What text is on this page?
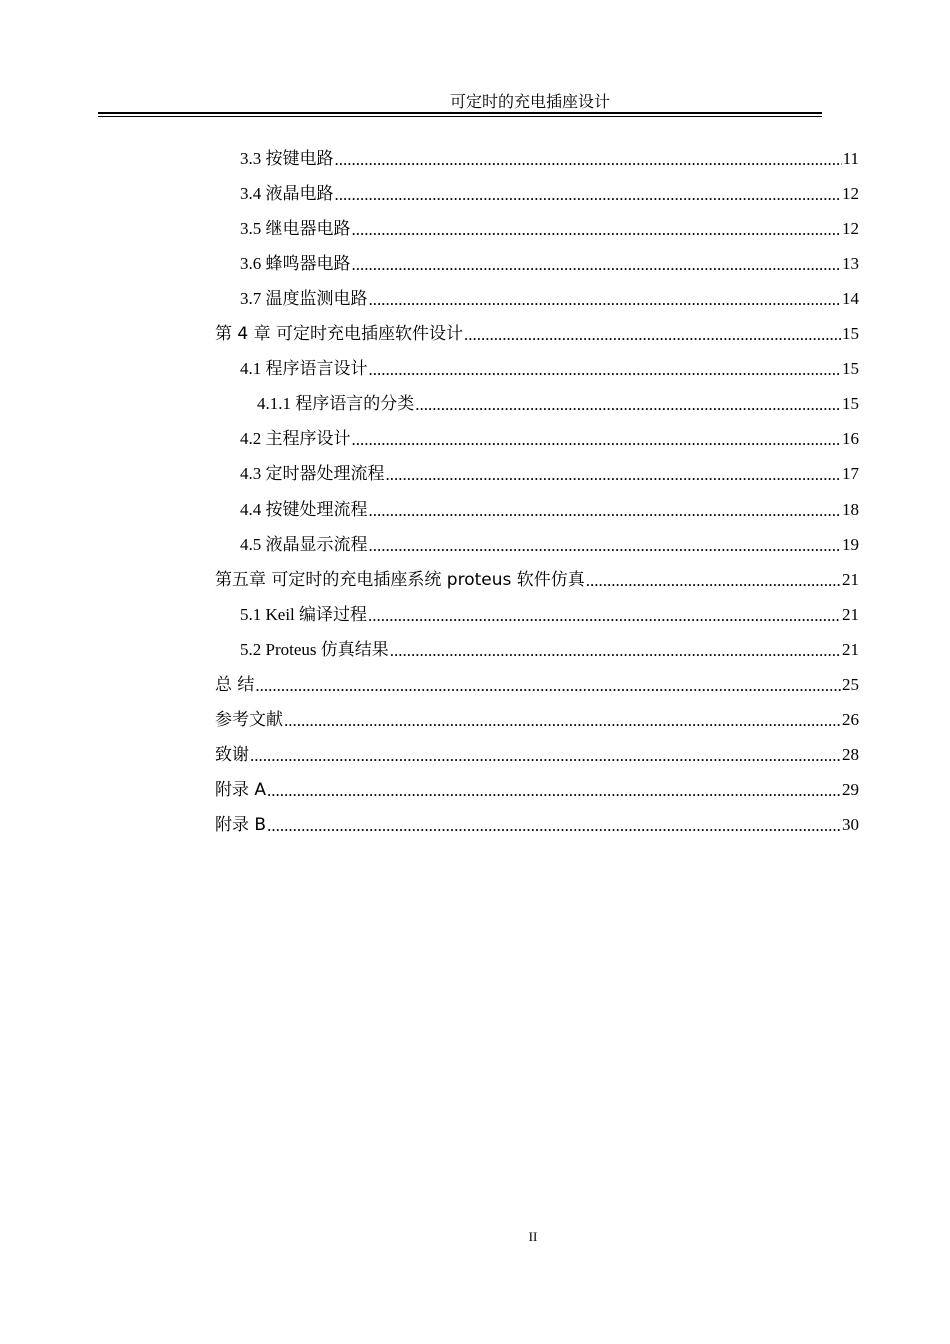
可定时的充电插座设计
3.3 按键电路 .....	11
3.4 液晶电路 .....	12
3.5 继电器电路 .....	12
3.6 蜂鸣器电路 .....	13
3.7 温度监测电路 .....	14
第 4 章 可定时充电插座软件设计 .....	15
4.1 程序语言设计 .....	15
4.1.1 程序语言的分类 .....	15
4.2 主程序设计 .....	16
4.3 定时器处理流程 .....	17
4.4 按键处理流程 .....	18
4.5 液晶显示流程 .....	19
第五章 可定时的充电插座系统 proteus 软件仿真 .....	21
5.1 Keil 编译过程 .....	21
5.2 Proteus 仿真结果 .....	21
总 结 .....	25
参考文献 .....	26
致谢 .....	28
附录 A .....	29
附录 B .....	30
II
